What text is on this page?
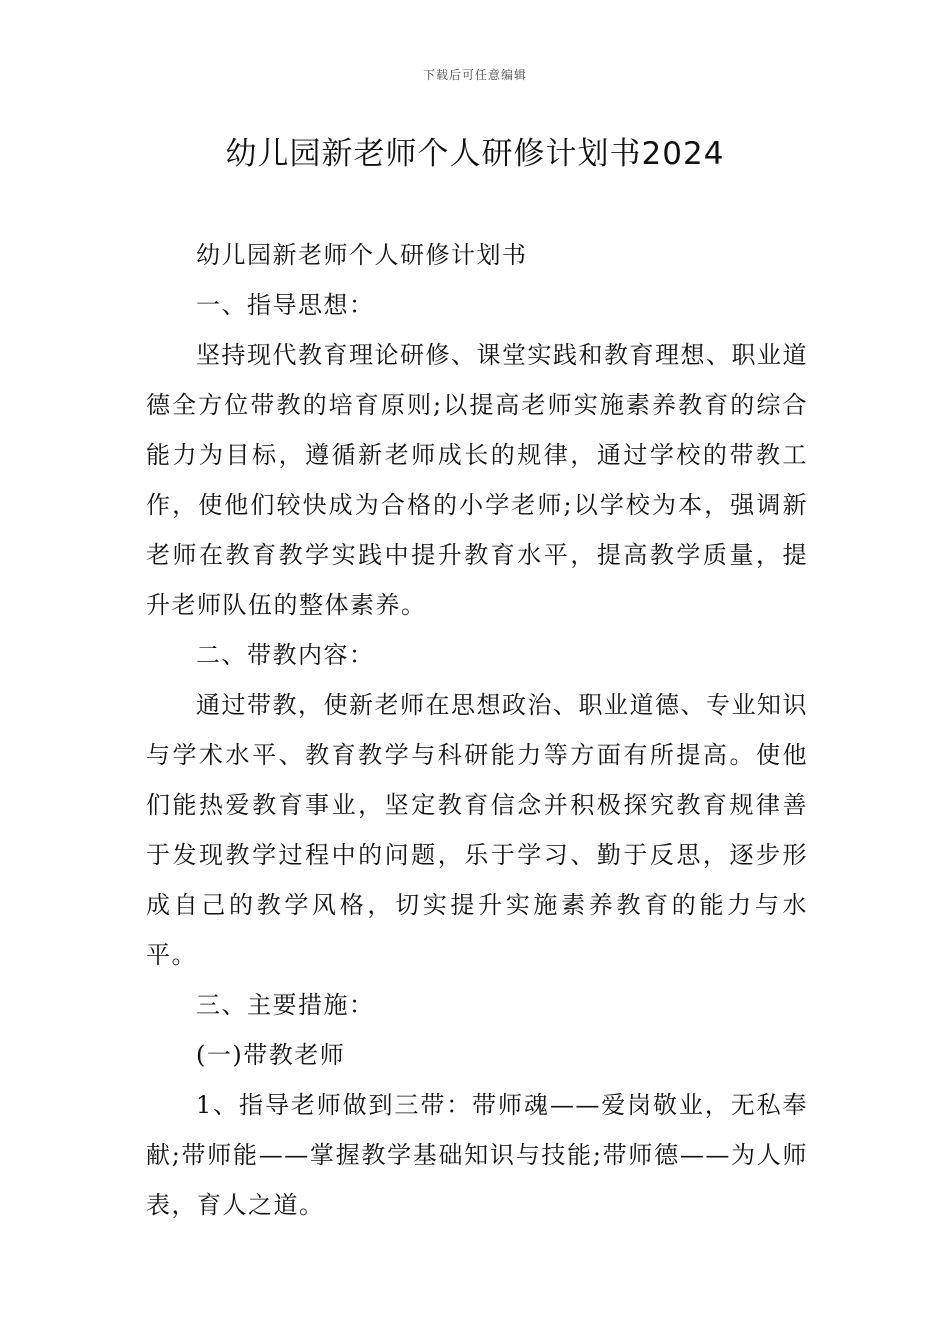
下载后可任意编辑
幼儿园新老师个人研修计划书2024

幼儿园新老师个人研修计划书

一、指导思想：

坚持现代教育理论研修、课堂实践和教育理想、职业道德全方位带教的培育原则;以提高老师实施素养教育的综合能力为目标，遵循新老师成长的规律，通过学校的带教工作，使他们较快成为合格的小学老师;以学校为本，强调新老师在教育教学实践中提升教育水平，提高教学质量，提升老师队伍的整体素养。

二、带教内容：

通过带教，使新老师在思想政治、职业道德、专业知识与学术水平、教育教学与科研能力等方面有所提高。使他们能热爱教育事业，坚定教育信念并积极探究教育规律善于发现教学过程中的问题，乐于学习、勤于反思，逐步形成自己的教学风格，切实提升实施素养教育的能力与水平。

三、主要措施：

(一)带教老师

1、指导老师做到三带：带师魂——爱岗敬业，无私奉献;带师能——掌握教学基础知识与技能;带师德——为人师表，育人之道。
